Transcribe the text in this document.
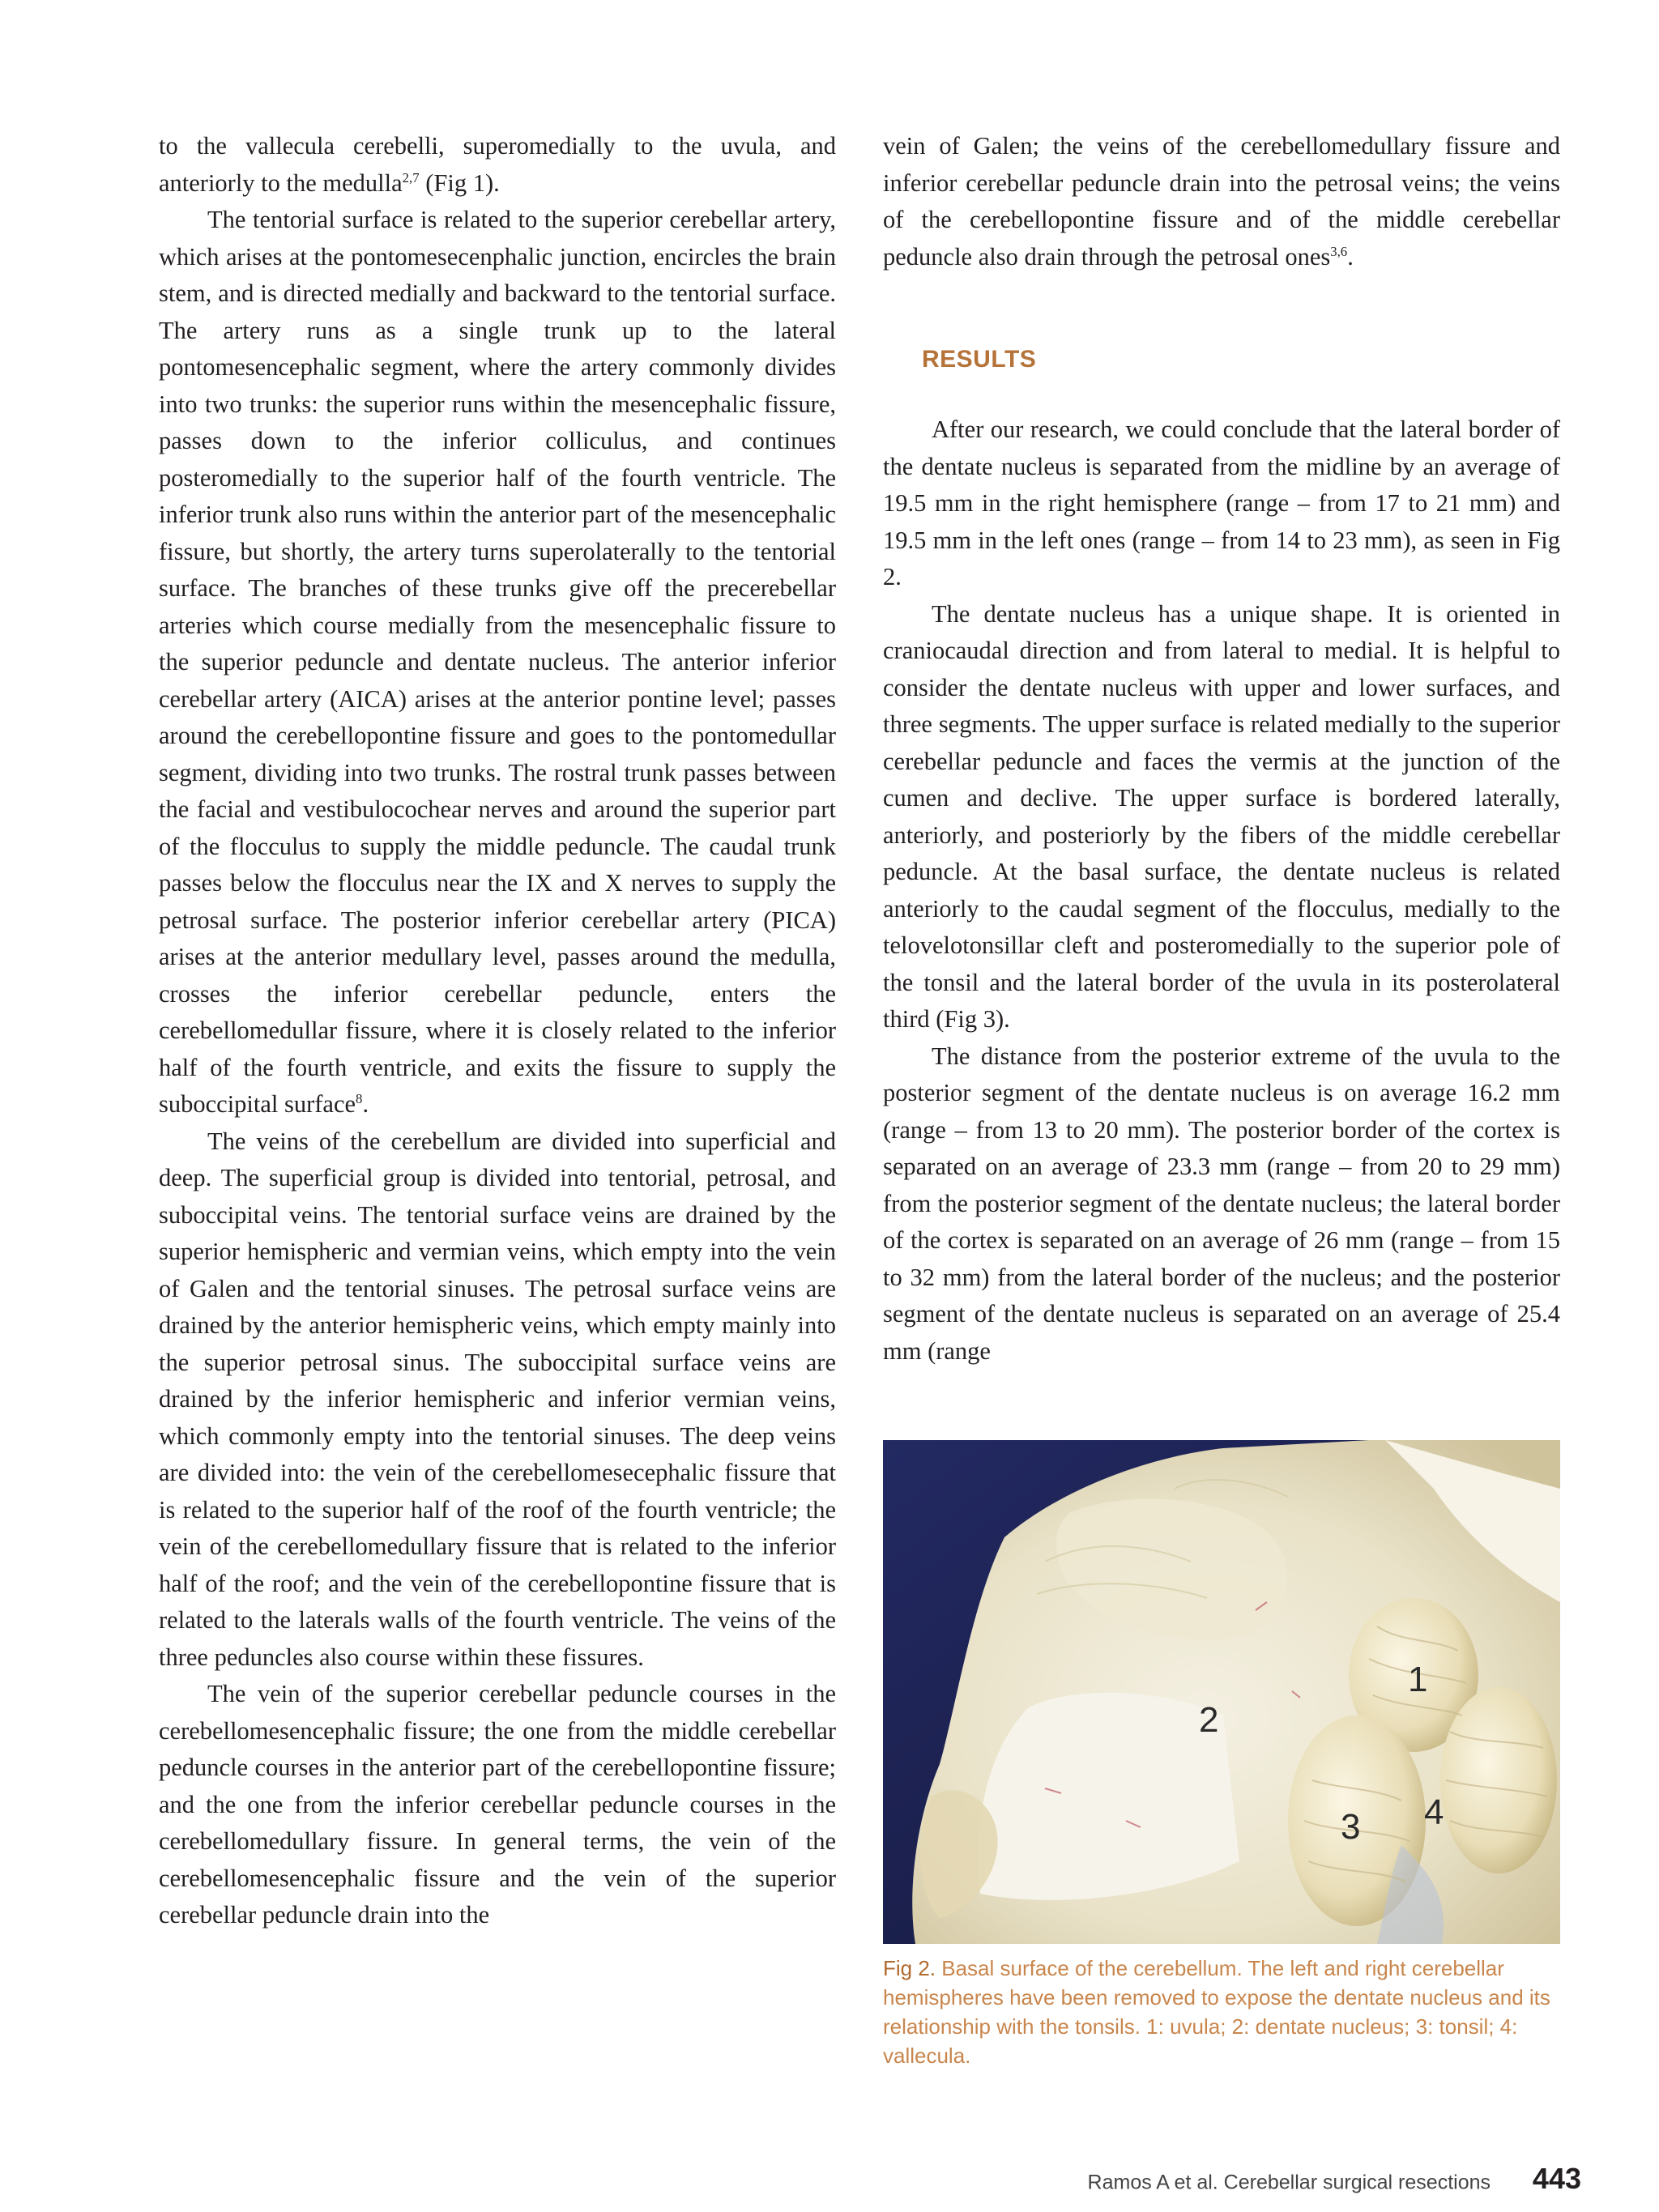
to the vallecula cerebelli, superomedially to the uvula, and anteriorly to the medulla$^{2,7}$ (Fig 1).

The tentorial surface is related to the superior cerebellar artery, which arises at the pontomesecenphalic junction, encircles the brain stem, and is directed medially and backward to the tentorial surface. The artery runs as a single trunk up to the lateral pontomesencephalic segment, where the artery commonly divides into two trunks: the superior runs within the mesencephalic fissure, passes down to the inferior colliculus, and continues posteromedially to the superior half of the fourth ventricle. The inferior trunk also runs within the anterior part of the mesencephalic fissure, but shortly, the artery turns superolaterally to the tentorial surface. The branches of these trunks give off the precerebellar arteries which course medially from the mesencephalic fissure to the superior peduncle and dentate nucleus. The anterior inferior cerebellar artery (AICA) arises at the anterior pontine level; passes around the cerebellopontine fissure and goes to the pontomedullar segment, dividing into two trunks. The rostral trunk passes between the facial and vestibulocochear nerves and around the superior part of the flocculus to supply the middle peduncle. The caudal trunk passes below the flocculus near the IX and X nerves to supply the petrosal surface. The posterior inferior cerebellar artery (PICA) arises at the anterior medullary level, passes around the medulla, crosses the inferior cerebellar peduncle, enters the cerebellomedullar fissure, where it is closely related to the inferior half of the fourth ventricle, and exits the fissure to supply the suboccipital surface$^8$.

The veins of the cerebellum are divided into superficial and deep. The superficial group is divided into tentorial, petrosal, and suboccipital veins. The tentorial surface veins are drained by the superior hemispheric and vermian veins, which empty into the vein of Galen and the tentorial sinuses. The petrosal surface veins are drained by the anterior hemispheric veins, which empty mainly into the superior petrosal sinus. The suboccipital surface veins are drained by the inferior hemispheric and inferior vermian veins, which commonly empty into the tentorial sinuses. The deep veins are divided into: the vein of the cerebellomesecephalic fissure that is related to the superior half of the roof of the fourth ventricle; the vein of the cerebellomedullary fissure that is related to the inferior half of the roof; and the vein of the cerebellopontine fissure that is related to the laterals walls of the fourth ventricle. The veins of the three peduncles also course within these fissures.

The vein of the superior cerebellar peduncle courses in the cerebellomesencephalic fissure; the one from the middle cerebellar peduncle courses in the anterior part of the cerebellopontine fissure; and the one from the inferior cerebellar peduncle courses in the cerebellomedullary fissure. In general terms, the vein of the cerebellomesencephalic fissure and the vein of the superior cerebellar peduncle drain into the

vein of Galen; the veins of the cerebellomedullary fissure and inferior cerebellar peduncle drain into the petrosal veins; the veins of the cerebellopontine fissure and of the middle cerebellar peduncle also drain through the petrosal ones$^{3,6}$.

RESULTS

After our research, we could conclude that the lateral border of the dentate nucleus is separated from the midline by an average of 19.5 mm in the right hemisphere (range – from 17 to 21 mm) and 19.5 mm in the left ones (range – from 14 to 23 mm), as seen in Fig 2.

The dentate nucleus has a unique shape. It is oriented in craniocaudal direction and from lateral to medial. It is helpful to consider the dentate nucleus with upper and lower surfaces, and three segments. The upper surface is related medially to the superior cerebellar peduncle and faces the vermis at the junction of the cumen and declive. The upper surface is bordered laterally, anteriorly, and posteriorly by the fibers of the middle cerebellar peduncle. At the basal surface, the dentate nucleus is related anteriorly to the caudal segment of the flocculus, medially to the telovelotonsillar cleft and posteromedially to the superior pole of the tonsil and the lateral border of the uvula in its posterolateral third (Fig 3).

The distance from the posterior extreme of the uvula to the posterior segment of the dentate nucleus is on average 16.2 mm (range – from 13 to 20 mm). The posterior border of the cortex is separated on an average of 23.3 mm (range – from 20 to 29 mm) from the posterior segment of the dentate nucleus; the lateral border of the cortex is separated on an average of 26 mm (range – from 15 to 32 mm) from the lateral border of the nucleus; and the posterior segment of the dentate nucleus is separated on an average of 25.4 mm (range

1
2
3 4
Fig 2. Basal surface of the cerebellum. The left and right cerebellar hemispheres have been removed to expose the dentate nucleus and its relationship with the tonsils. 1: uvula; 2: dentate nucleus; 3: tonsil; 4: vallecula.
Ramos A et al. Cerebellar surgical resections 443
